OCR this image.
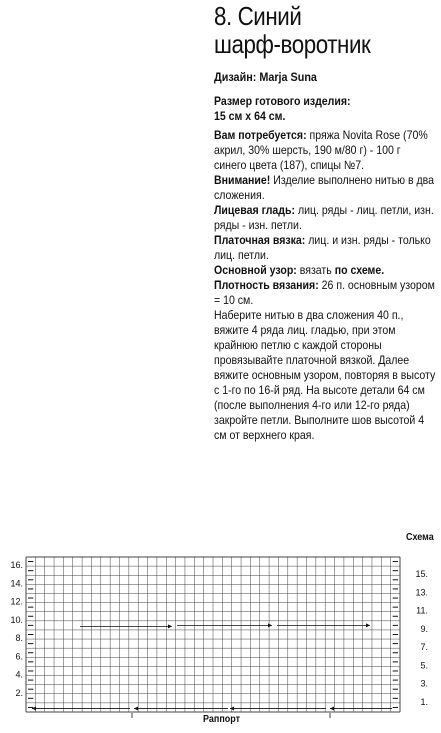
8. Синий
шарф-воротник
Дизайн: Marja Suna
Размер готового изделия:
15 см х 64 см.

Вам потребуется: пряжа Novita Rose (70% акрил, 30% шерсть, 190 м/80 г) - 100 г синего цвета (187), спицы №7.

Внимание! Изделие выполнено нитью в два сложения.

Лицевая гладь: лиц. ряды - лиц. петли, изн. ряды - изн. петли.

Платочная вязка: лиц. и изн. ряды - только лиц. петли.

Основной узор: вязать по схеме.

Плотность вязания: 26 п. основным узором = 10 см.

Наберите нитью в два сложения 40 п., вяжите 4 ряда лиц. гладью, при этом крайнюю петлю с каждой стороны провязывайте платочной вязкой. Далее вяжите основным узором, повторяя в высоту с 1-го по 16-й ряд. На высоте детали 64 см (после выполнения 4-го или 12-го ряда) закройте петли. Выполните шов высотой 4 см от верхнего края.

Схема
16.
14.
12.
10.
8.
6.
4.
2.
15.
13.
11.
9.
7.
5.
3.
1.
Раппорт
